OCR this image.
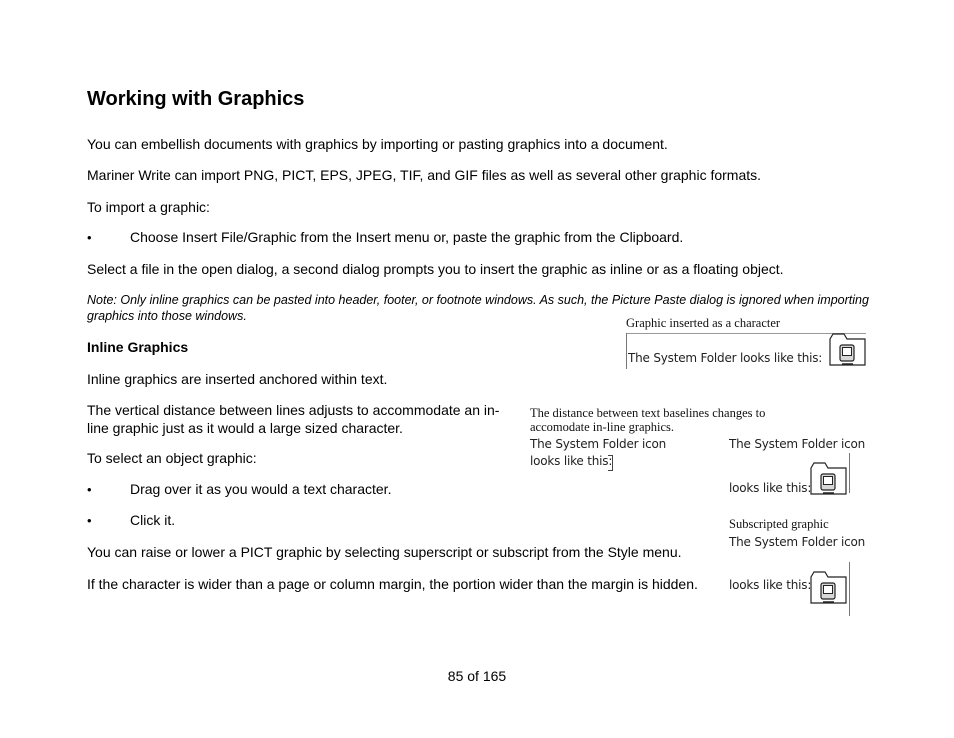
Working with Graphics
You can embellish documents with graphics by importing or pasting graphics into a document.
Mariner Write can import PNG, PICT, EPS, JPEG, TIF, and GIF files as well as several other graphic formats.
To import a graphic:
•	Choose Insert File/Graphic from the Insert menu or, paste the graphic from the Clipboard.
Select a file in the open dialog, a second dialog prompts you to insert the graphic as inline or as a floating object.
Note: Only inline graphics can be pasted into header, footer, or footnote windows. As such, the Picture Paste dialog is ignored when importing graphics into those windows.
Inline Graphics
Inline graphics are inserted anchored within text.
The vertical distance between lines adjusts to accommodate an in-line graphic just as it would a large sized character.
To select an object graphic:
•	Drag over it as you would a text character.
•	Click it.
You can raise or lower a PICT graphic by selecting superscript or subscript from the Style menu.
If the character is wider than a page or column margin, the portion wider than the margin is hidden.
Graphic inserted as a character
The System Folder looks like this:
The distance between text baselines changes to accomodate in-line graphics.
The System Folder icon
looks like this:
The System Folder icon
looks like this:
Subscripted graphic
The System Folder icon
looks like this:
85 of 165
